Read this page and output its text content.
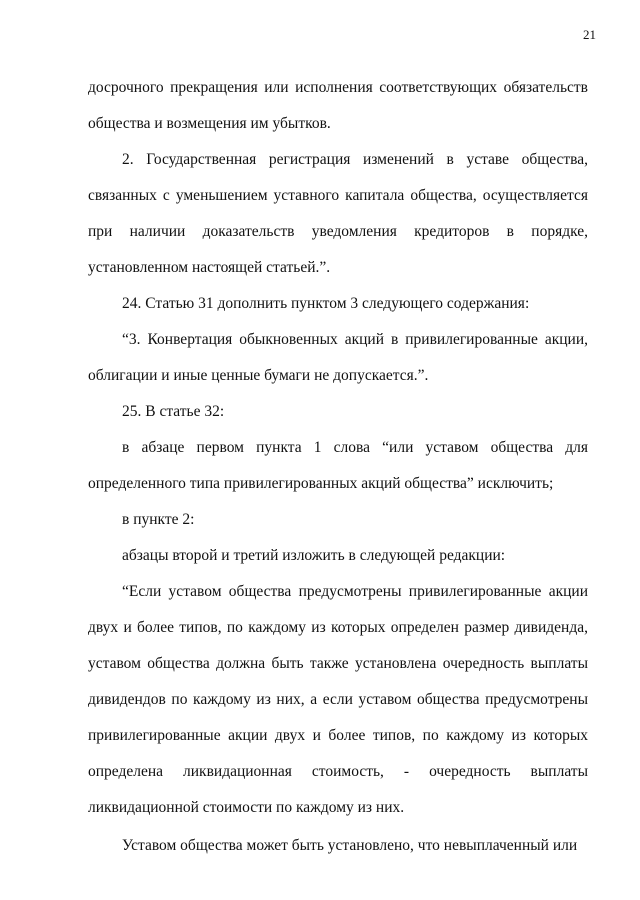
21

досрочного прекращения или исполнения соответствующих обязательств общества и возмещения им убытков.

2. Государственная регистрация изменений в уставе общества, связанных с уменьшением уставного капитала общества, осуществляется при наличии доказательств уведомления кредиторов в порядке, установленном настоящей статьей.”.

24. Статью 31 дополнить пунктом 3 следующего содержания:

“3. Конвертация обыкновенных акций в привилегированные акции, облигации и иные ценные бумаги не допускается.”.

25. В статье 32:

в абзаце первом пункта 1 слова “или уставом общества для определенного типа привилегированных акций общества” исключить;

в пункте 2:

абзацы второй и третий изложить в следующей редакции:

“Если уставом общества предусмотрены привилегированные акции двух и более типов, по каждому из которых определен размер дивиденда, уставом общества должна быть также установлена очередность выплаты дивидендов по каждому из них, а если уставом общества предусмотрены привилегированные акции двух и более типов, по каждому из которых определена ликвидационная стоимость, - очередность выплаты ликвидационной стоимости по каждому из них.

Уставом общества может быть установлено, что невыплаченный или
